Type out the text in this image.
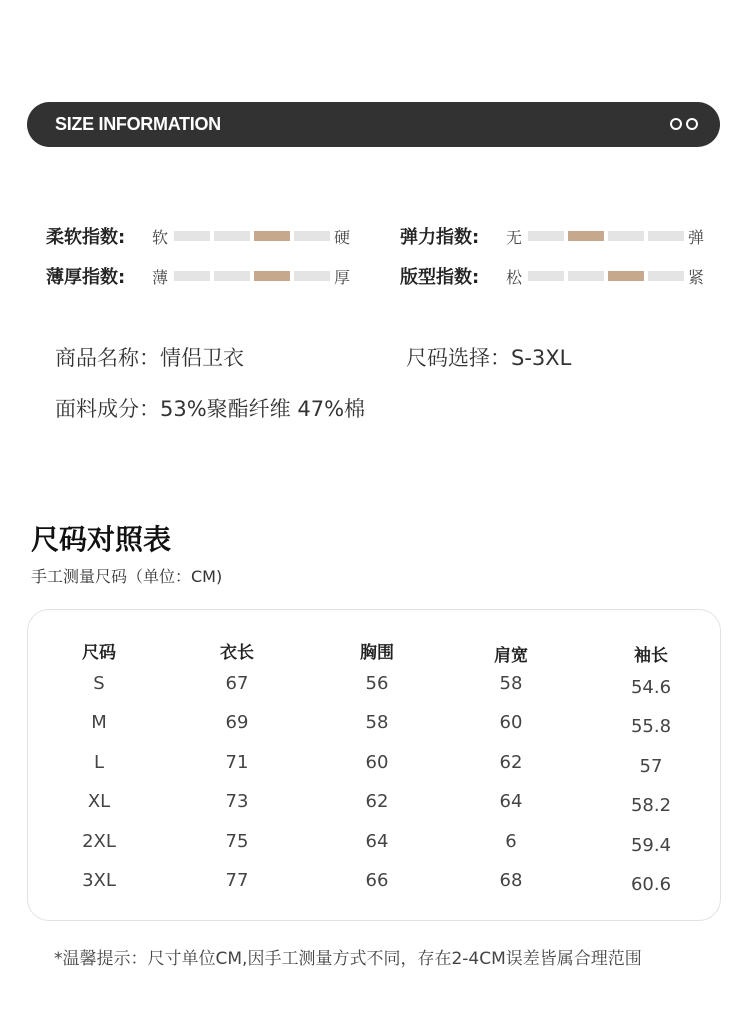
SIZE INFORMATION
柔软指数:	软	硬	弹力指数:	无	弹
薄厚指数:	薄	厚	版型指数:	松	紧
商品名称：情侣卫衣	尺码选择：S-3XL
面料成分：53%聚酯纤维 47%棉
尺码对照表
手工测量尺码（单位：CM)
尺码	衣长	胸围	肩宽	袖长
S	67	56	58	54.6
M	69	58	60	55.8
L	71	60	62	57
XL	73	62	64	58.2
2XL	75	64	6	59.4
3XL	77	66	68	60.6
*温馨提示：尺寸单位CM,因手工测量方式不同，存在2-4CM误差皆属合理范围
